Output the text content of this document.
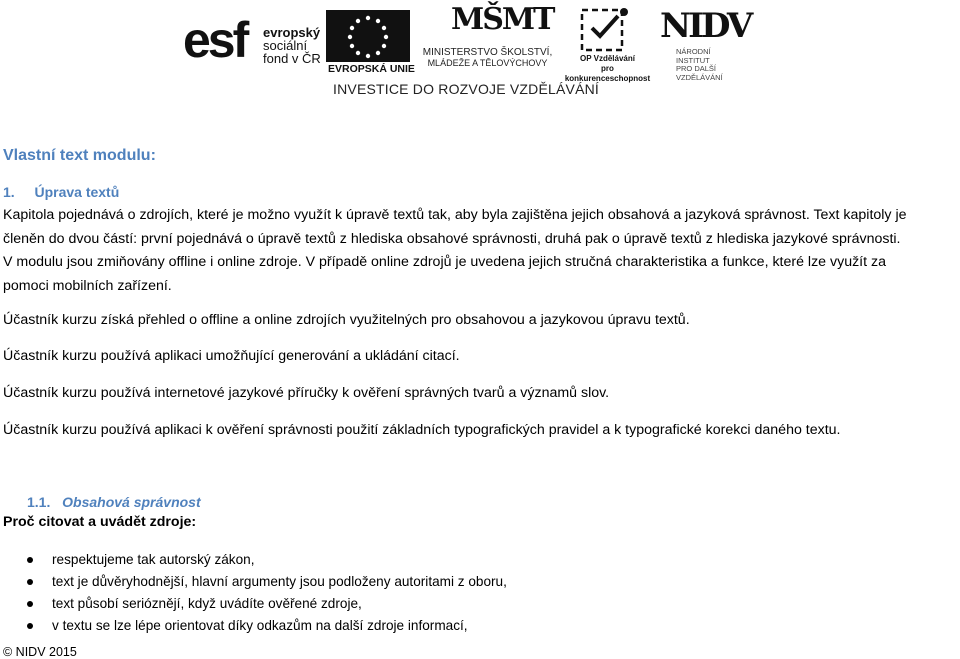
esf evropský
sociální
fond v ČR
EVROPSKÁ UNIE
MŠMT
MINISTERSTVO ŠKOLSTVÍ,
MLÁDEŽE A TĚLOVÝCHOVY	OP Vzdělávání
pro konkurenceschopnost
NIDV
NÁRODNÍ INSTITUT
PRO DALŠÍ
VZDĚLÁVÁNÍ
INVESTICE DO ROZVOJE VZDĚLÁVÁNÍ
Vlastní text modulu:
1. Úprava textů
Kapitola pojednává o zdrojích, které je možno využít k úpravě textů tak, aby byla zajištěna jejich obsahová a jazyková správnost. Text kapitoly je
členěn do dvou částí: první pojednává o úpravě textů z hlediska obsahové správnosti, druhá pak o úpravě textů z hlediska jazykové správnosti.
V modulu jsou zmiňovány offline i online zdroje. V případě online zdrojů je uvedena jejich stručná charakteristika a funkce, které lze využít za
pomoci mobilních zařízení.
Účastník kurzu získá přehled o offline a online zdrojích využitelných pro obsahovou a jazykovou úpravu textů.
Účastník kurzu používá aplikaci umožňující generování a ukládání citací.
Účastník kurzu používá internetové jazykové příručky k ověření správných tvarů a významů slov.
Účastník kurzu používá aplikaci k ověření správnosti použití základních typografických pravidel a k typografické korekci daného textu.
1.1. Obsahová správnost
Proč citovat a uvádět zdroje:
respektujeme tak autorský zákon,
text je důvěryhodnější, hlavní argumenty jsou podloženy autoritami z oboru,
text působí serióznějí, když uvádíte ověřené zdroje,
v textu se lze lépe orientovat díky odkazům na další zdroje informací,
© NIDV 2015
